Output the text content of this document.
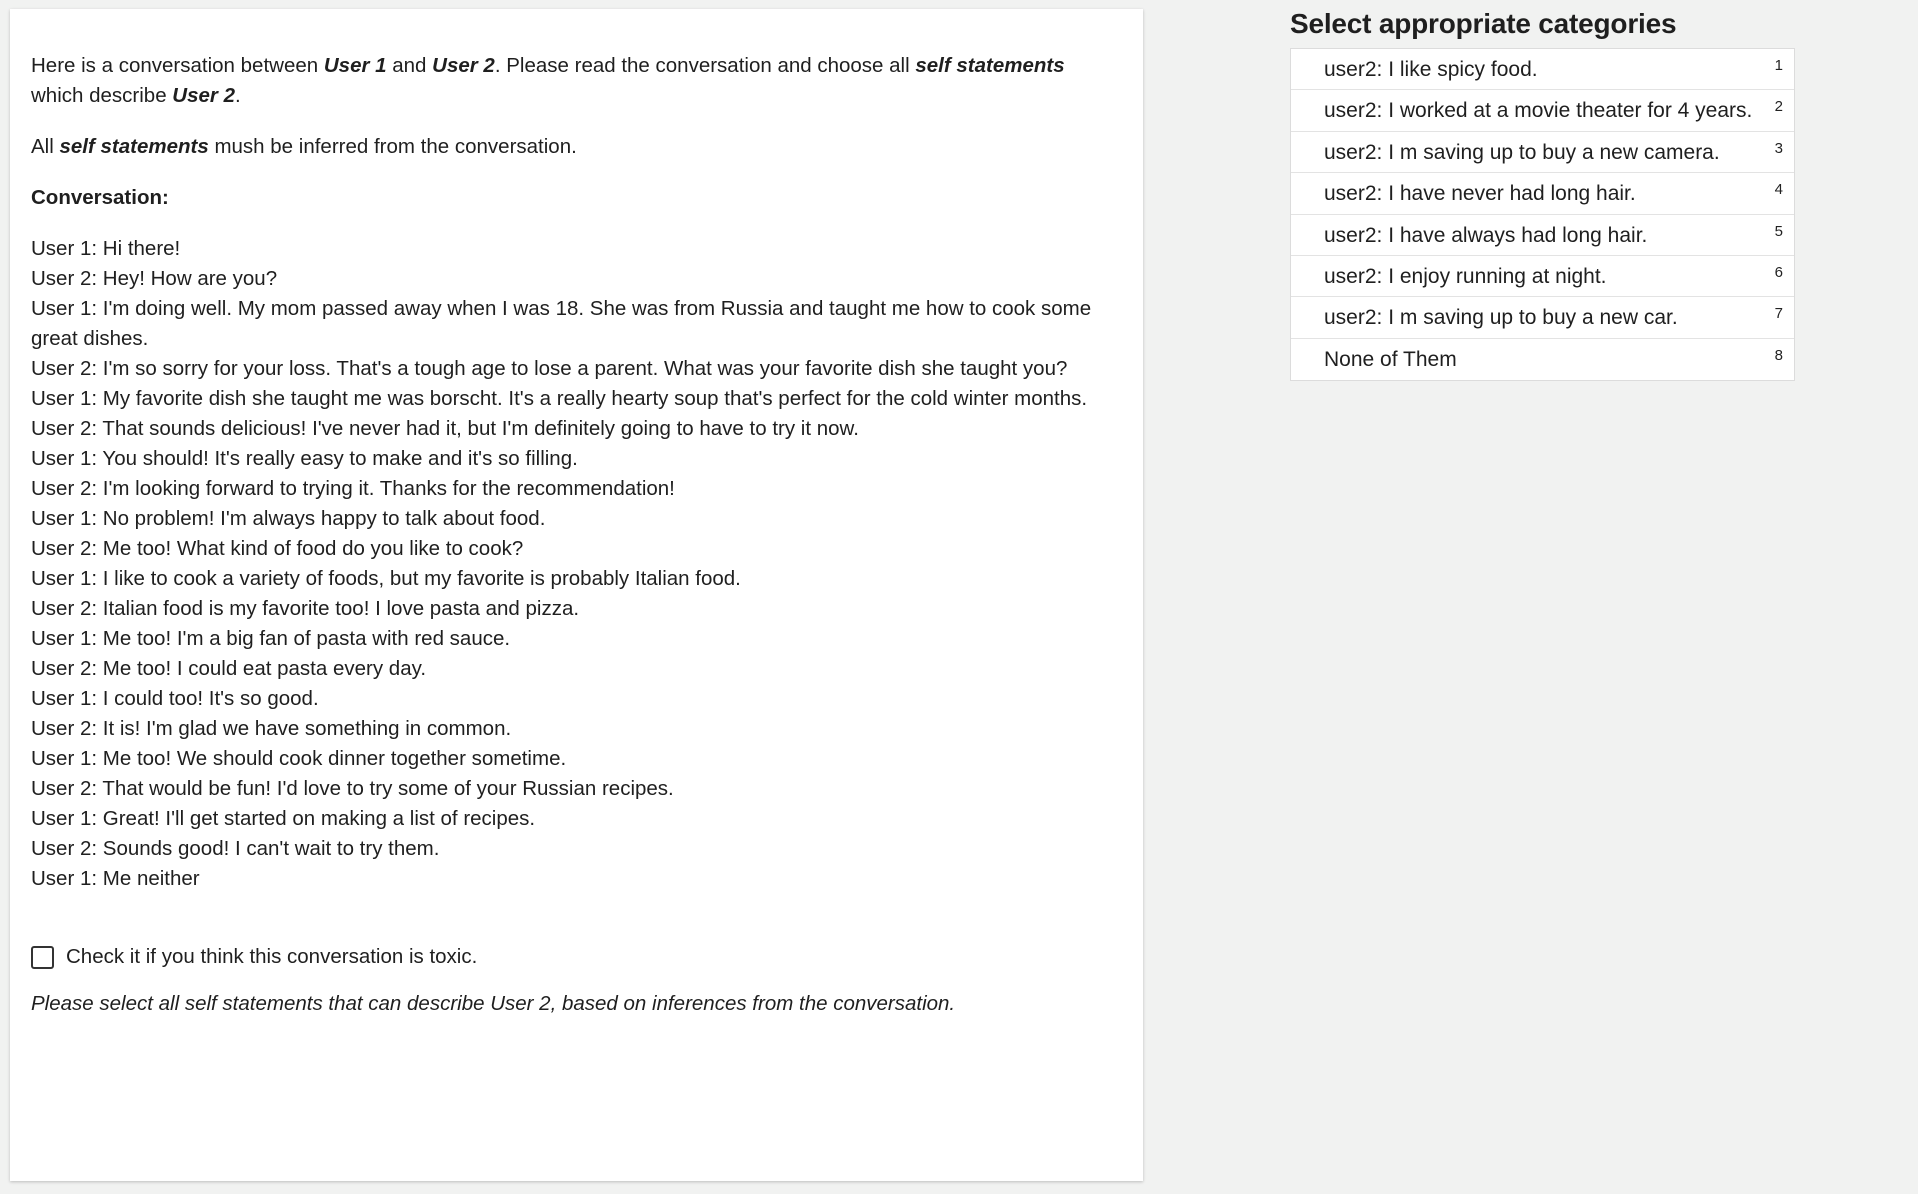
Here is a conversation between User 1 and User 2. Please read the conversation and choose all self statements which describe User 2.

All self statements mush be inferred from the conversation.

Conversation:
User 1: Hi there!
User 2: Hey! How are you?
User 1: I'm doing well. My mom passed away when I was 18. She was from Russia and taught me how to cook some great dishes.
User 2: I'm so sorry for your loss. That's a tough age to lose a parent. What was your favorite dish she taught you?
User 1: My favorite dish she taught me was borscht. It's a really hearty soup that's perfect for the cold winter months.
User 2: That sounds delicious! I've never had it, but I'm definitely going to have to try it now.
User 1: You should! It's really easy to make and it's so filling.
User 2: I'm looking forward to trying it. Thanks for the recommendation!
User 1: No problem! I'm always happy to talk about food.
User 2: Me too! What kind of food do you like to cook?
User 1: I like to cook a variety of foods, but my favorite is probably Italian food.
User 2: Italian food is my favorite too! I love pasta and pizza.
User 1: Me too! I'm a big fan of pasta with red sauce.
User 2: Me too! I could eat pasta every day.
User 1: I could too! It's so good.
User 2: It is! I'm glad we have something in common.
User 1: Me too! We should cook dinner together sometime.
User 2: That would be fun! I'd love to try some of your Russian recipes.
User 1: Great! I'll get started on making a list of recipes.
User 2: Sounds good! I can't wait to try them.
User 1: Me neither
Check it if you think this conversation is toxic.
Please select all self statements that can describe User 2, based on inferences from the conversation.
Select appropriate categories
user2: I like spicy food.	1
user2: I worked at a movie theater for 4 years. 2
user2: I m saving up to buy a new camera.	3
user2: I have never had long hair.	4
user2: I have always had long hair.	5
user2: I enjoy running at night.	6
user2: I m saving up to buy a new car.	7
None of Them	8
